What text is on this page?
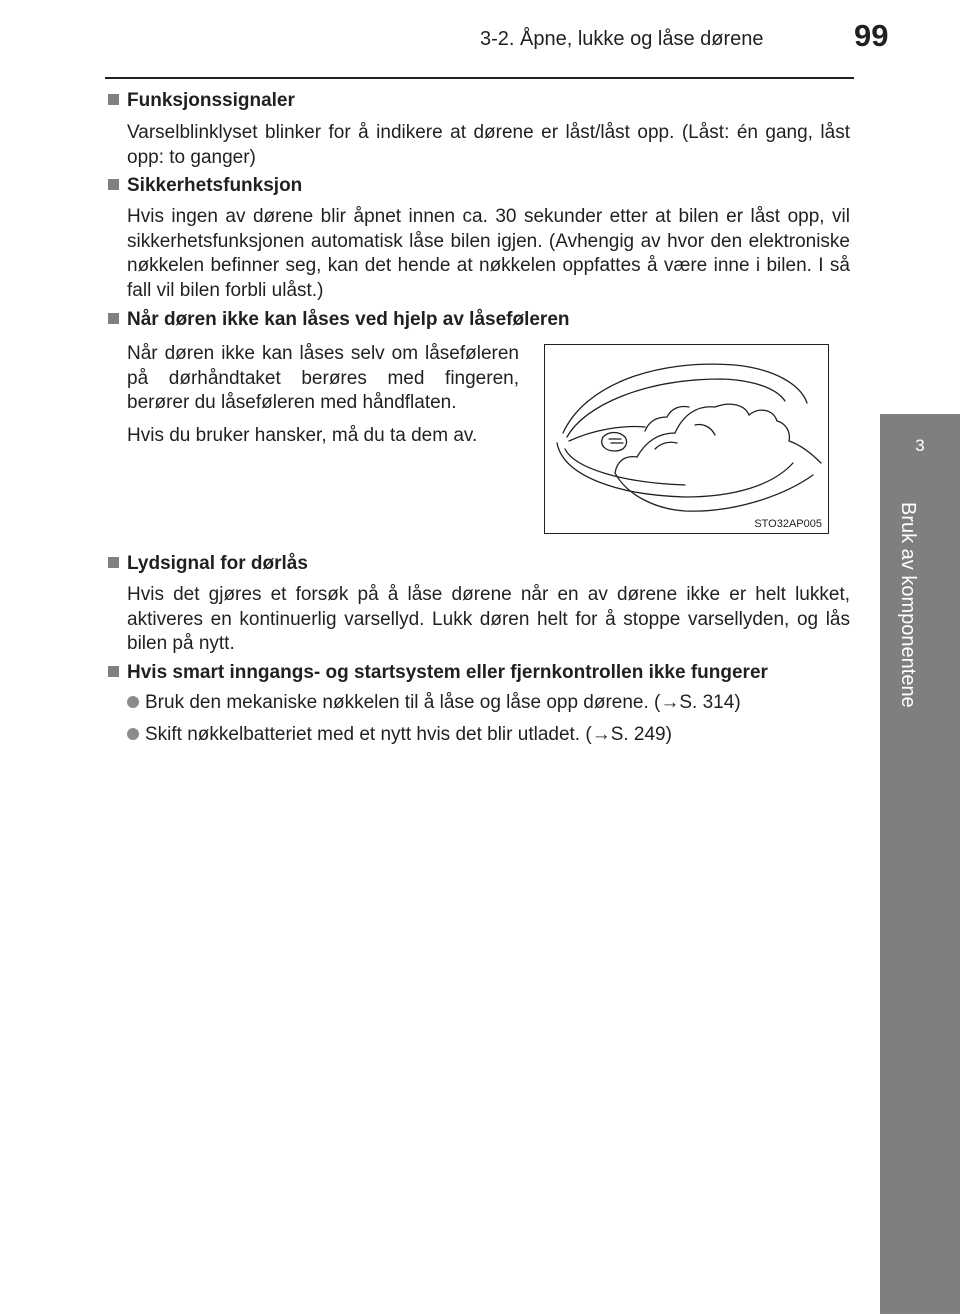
3-2. Åpne, lukke og låse dørene	99
3
Bruk av komponentene
Funksjonssignaler
Varselblinklyset blinker for å indikere at dørene er låst/låst opp. (Låst: én gang, låst opp: to ganger)
Sikkerhetsfunksjon
Hvis ingen av dørene blir åpnet innen ca. 30 sekunder etter at bilen er låst opp, vil sikkerhetsfunksjonen automatisk låse bilen igjen. (Avhengig av hvor den elektroniske nøkkelen befinner seg, kan det hende at nøkkelen oppfattes å være inne i bilen. I så fall vil bilen forbli ulåst.)
Når døren ikke kan låses ved hjelp av låseføleren
Når døren ikke kan låses selv om låseføleren på dørhåndtaket berøres med fingeren, berører du låseføleren med håndflaten.
Hvis du bruker hansker, må du ta dem av.
STO32AP005
Lydsignal for dørlås
Hvis det gjøres et forsøk på å låse dørene når en av dørene ikke er helt lukket, aktiveres en kontinuerlig varsellyd. Lukk døren helt for å stoppe varsellyden, og lås bilen på nytt.
Hvis smart inngangs- og startsystem eller fjernkontrollen ikke fungerer
Bruk den mekaniske nøkkelen til å låse og låse opp dørene. (→S. 314)
Skift nøkkelbatteriet med et nytt hvis det blir utladet. (→S. 249)
